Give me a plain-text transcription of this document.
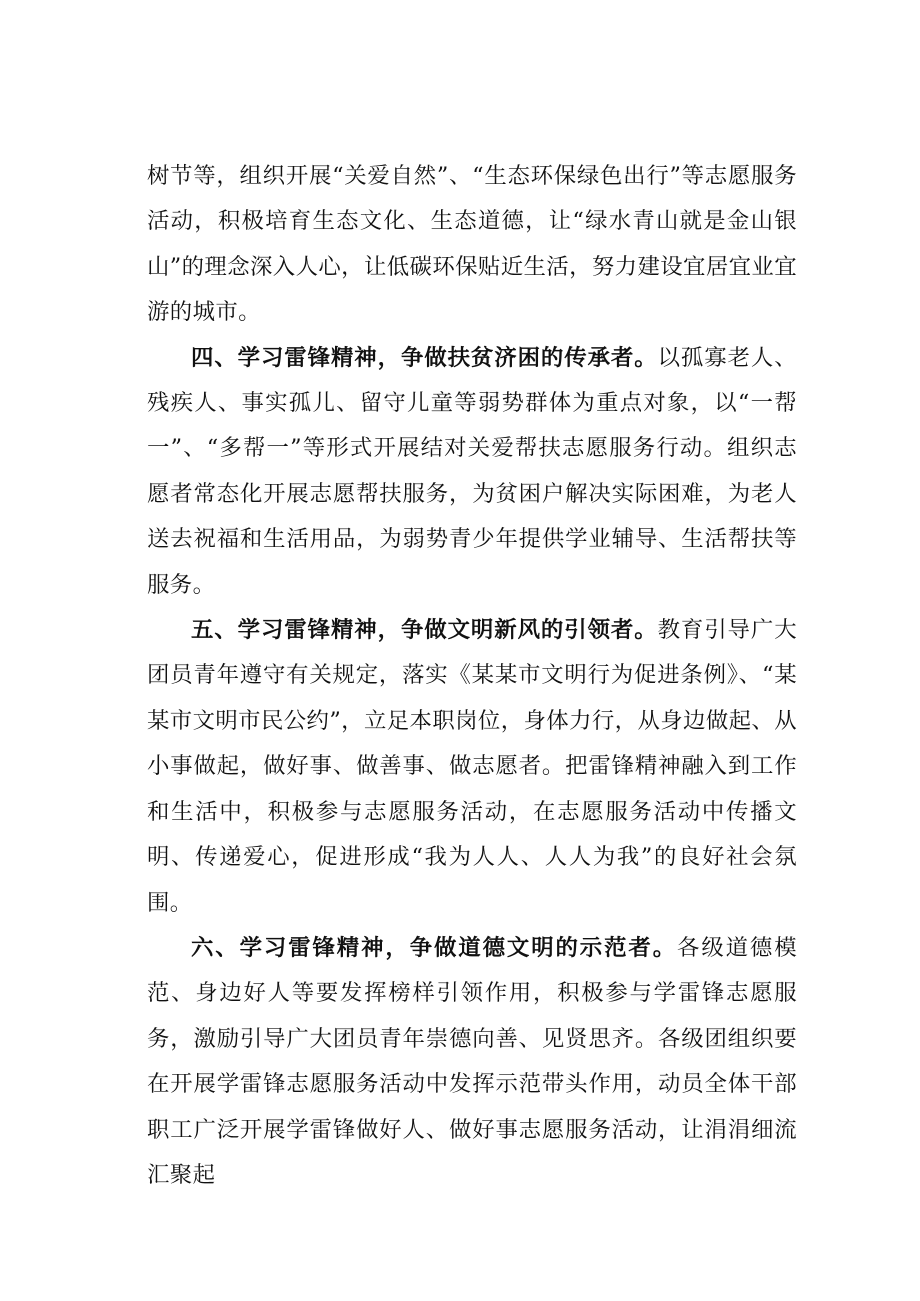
树节等，组织开展“关爱自然”、“生态环保绿色出行”等志愿服务活动，积极培育生态文化、生态道德，让“绿水青山就是金山银山”的理念深入人心，让低碳环保贴近生活，努力建设宜居宜业宜游的城市。

四、学习雷锋精神，争做扶贫济困的传承者。以孤寡老人、残疾人、事实孤儿、留守儿童等弱势群体为重点对象，以“一帮一”、“多帮一”等形式开展结对关爱帮扶志愿服务行动。组织志愿者常态化开展志愿帮扶服务，为贫困户解决实际困难，为老人送去祝福和生活用品，为弱势青少年提供学业辅导、生活帮扶等服务。

五、学习雷锋精神，争做文明新风的引领者。教育引导广大团员青年遵守有关规定，落实《某某市文明行为促进条例》、“某某市文明市民公约”，立足本职岗位，身体力行，从身边做起、从小事做起，做好事、做善事、做志愿者。把雷锋精神融入到工作和生活中，积极参与志愿服务活动，在志愿服务活动中传播文明、传递爱心，促进形成“我为人人、人人为我”的良好社会氛围。

六、学习雷锋精神，争做道德文明的示范者。各级道德模范、身边好人等要发挥榜样引领作用，积极参与学雷锋志愿服务，激励引导广大团员青年崇德向善、见贤思齐。各级团组织要在开展学雷锋志愿服务活动中发挥示范带头作用，动员全体干部职工广泛开展学雷锋做好人、做好事志愿服务活动，让涓涓细流汇聚起
